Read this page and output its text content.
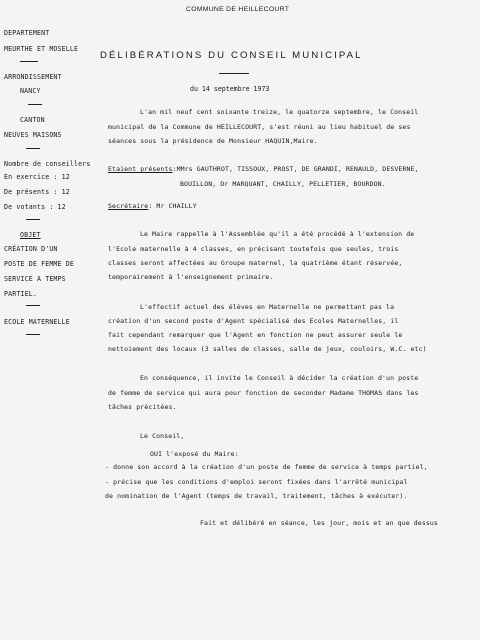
COMMUNE DE HEILLECOURT
DÉLIBÉRATIONS DU CONSEIL MUNICIPAL
du 14 septembre 1973
DEPARTEMENT
MEURTHE ET MOSELLE
ARRONDISSEMENT
NANCY
CANTON
NEUVES MAISONS
Nombre de conseillers
En exercice : 12
De présents : 12
De votants : 12
OBJET
CRÉATION D'UN
POSTE DE FEMME DE
SERVICE A TEMPS
PARTIEL.
ECOLE MATERNELLE
L'an mil neuf cent soixante treize, le quatorze septembre, le Conseil
municipal de la Commune de HEILLECOURT, s'est réuni au lieu habituel de ses
séances sous la présidence de Monsieur HAQUIN,Maire.
Etaient présents:MMrs GAUTHROT, TISSOUX, PROST, DE GRANDI, RENAULD, DESVERNE,
BOUILLON, Dr MARQUANT, CHAILLY, PELLETIER, BOURDON.
Secrétaire: Mr CHAILLY
Le Maire rappelle à l'Assemblée qu'il a été procédé à l'extension de
l'Ecole maternelle à 4 classes, en précisant toutefois que seules, trois
classes seront affectées au Groupe maternel, la quatrième étant réservée,
temporairement à l'enseignement primaire.
L'effectif actuel des élèves en Maternelle ne permettant pas la
création d'un second poste d'Agent spécialisé des Ecoles Maternelles, il
fait cependant remarquer que l'Agent en fonction ne peut assurer seule le
nettoiement des locaux (3 salles de classes, salle de jeux, couloirs, W.C. etc)
En conséquence, il invite le Conseil à décider la création d'un poste
de femme de service qui aura pour fonction de seconder Madame THOMAS dans les
tâches précitées.
Le Conseil,
OUI l'exposé du Maire:
- donne son accord à la création d'un poste de femme de service à temps partiel,
- précise que les conditions d'emploi seront fixées dans l'arrêté municipal
de nomination de l'Agent (temps de travail, traitement, tâches à exécuter).
Fait et délibéré en séance, les jour, mois et an que dessus
